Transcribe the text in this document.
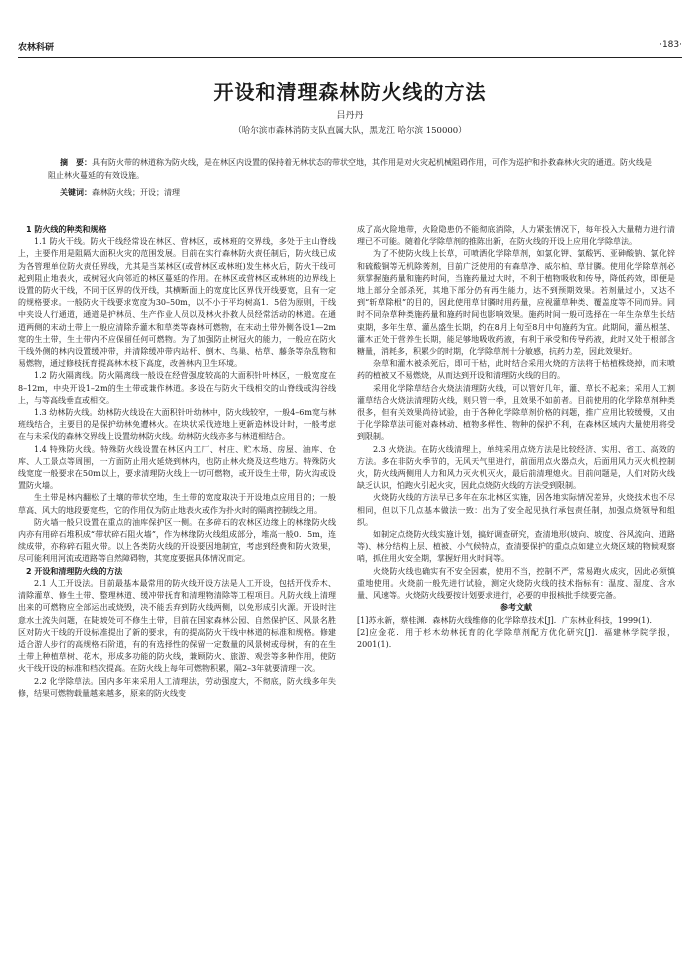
农林科研	·183·
开设和清理森林防火线的方法
吕丹丹
（哈尔滨市森林消防支队直属大队，黑龙江 哈尔滨 150000）
摘　要：具有防火带的林道称为防火线，是在林区内设置的保持着无林状态的带状空地，其作用是对火灾起机械阻碍作用，可作为巡护和扑救森林火灾的通道。防火线是阻止林火蔓延的有效设施。
关键词：森林防火线；开设；清理
1 防火线的种类和规格

1.1 防火干线。防火干线经常设在林区、营林区，或林班的交界线，多处于主山脊线上，主要作用是阻隔大面积火灾的范围发展。目前在实行森林防火责任制后，防火线已成为各管理单位防火责任界线，尤其是当某林区(或营林区或林班)发生林火后，防火干线可起到阻止地表火，或树冠火向邻近的林区蔓延的作用。在林区或营林区或林班的边界线上设置的防火干线，不同于区界的伐开线，其横断面上的宽度比区界伐开线要宽，且有一定的规格要求。一般防火干线要求宽度为30–50m，以不小于平均树高1．5倍为原则，干线中夹设人行通道，通道是护林员、生产作业人员以及林火扑救人员经常活动的林道。在通道两侧的末动土带上一般应清除乔灌木和草类等森林可燃物，在末动土带外侧各设1—2m宽的生土带，生土带内不应保留任何可燃物。为了加强防止树冠火的能力，一般应在防火干线外侧的林内设置缓冲带，并清除缓冲带内站杆、倒木、鸟巢、枯草、藤条等杂乱物和易燃物，通过修枝抚育提高林木枝下高度，改善林内卫生环境。

1.2 防火隔离线。防火隔离线一般设在经营强度较高的大面积针叶林区，一般宽度在8–12m，中央开设1–2m的生土带或兼作林道。多设在与防火干线相交的山脊线或沟谷线上，与等高线垂直或相交。

1.3 幼林防火线。幼林防火线设在大面积针叶幼林中，防火线较窄，一般4–6m宽与林班线结合，主要目的是保护幼林免遭林火。在块状采伐迹地上更新造林设计时，一般考虑在与未采伐的森林交界线上设置幼林防火线。幼林防火线亦多与林道相结合。

1.4 特殊防火线。特殊防火线设置在林区内工厂、村庄、贮木场、房屋、油库、仓库、人工景点等周围，一方面防止用火延烧到林内，也防止林火烧及这些地方。特殊防火线宽度一般要求在50m以上，要求清理防火线上一切可燃物，或开设生土带，防火沟或设置防火墙。

生土带是林内翻松了土壤的带状空地，生土带的宽度取决于开设地点应用目的；一般草高、风大的地段要宽些，它的作用仅为防止地表火或作为扑火时的隔离控制线之用。

防火墙一般只设置在重点的油库保护区一侧。在多碎石的农林区边缘上的林缘防火线内亦有用碎石堆积成“带状碎石阻火墙”，作为林缘防火线组成部分，堆高一般0．5m，连续成带，亦称碎石阻火带。以上各类防火线的开设要因地制宜，考虑到经费和防火效果，尽可能利用河流或道路等自然障碍物，其宽度要据具体情况而定。

2 开设和清理防火线的方法

2.1 人工开设法。目前最基本最常用的防火线开设方法是人工开设，包括开伐乔木、清除灌草、修生土带、整理林道、缓冲带抚育和清理物清除等工程项目。凡防火线上清理出来的可燃物应全部运出或烧毁，决不能丢弃到防火线两侧，以免形成引火源。开设时注意水土流失问题，在陡坡处可不修生土带，目前在国家森林公园、自然保护区、风景名胜区对防火干线的开设标准提出了新的要求，有的提高防火干线中林道的标准和规格。修建适合游人步行的高规格石阶道，有的有选择性的保留一定数量的风景树或母树，有的在生土带上种植草树、花木，形成多功能的防火线，兼顾防火、旅游、观尝等多种作用，使防火干线开设的标准和档次提高。在防火线上每年可燃物积累，隔2–3年就要清理一次。

2.2 化学除草法。国内多年来采用人工清理法，劳动强度大，不彻底，防火线多年失修，结果可燃物载量越来越多，原来的防火线变

成了高火险地带，火险隐患仍不能彻底消除，人力紧张情况下，每年投入大量精力进行清理已不可能。随着化学除草剂的推陈出新，在防火线的开设上应用化学除草法。

为了不使防火线上长草，可喷洒化学除草剂，如氯化钾、氯酸钙、亚砷酸钠、氯化锌和硫酸铜等无机除莠剂，目前广泛使用的有森草净、威尔柏、草甘膦。使用化学除草剂必须掌握施药量和施药时间，当施药量过大时，不利于植物吸收和传导，降低药效，即便是地上部分全部杀死，其地下部分仍有再生能力，达不到预期效果。若剂量过小，又达不到“斩草除根”的目的，因此使用草甘膦时用药量，应视灌草种类、覆盖度等不同而异。同时不同杂草种类施药量和施药时间也影响效果。施药时间一般可选择在一年生杂草生长结束期，多年生草、灌丛盛生长期，约在8月上旬至8月中旬施药为宜。此期间，灌丛根茎、灌木正处于营养生长期，能足够地吸收药液，有利于承受和传导药液，此时又处于根部含糖量，消耗多，积累少的时期，化学除草剂十分敏感，抗药力差，因此效果好。

杂草和灌木被杀死后，即可干枯，此时结合采用火烧的方法将于枯植株烧掉，而末喷药的植被又不易燃烧，从而达到开设和清理防火线的目的。

采用化学除草结合火烧法清理防火线，可以管好几年，灌、草长不起来；采用人工割灌草结合火烧法清理防火线，则只管一季，且效果不如前者。目前使用的化学除草剂种类很多，但有关效果尚待试验，由于各种化学除草剂价格的问题，推广应用比较缓慢，又由于化学除草法可能对森林动、植物多样性、物种的保护不利，在森林区域内大量使用将受到限制。

2.3 火烧法。在防火线清理上，单纯采用点烧方法是比较经济、实用、省工、高效的方法。多在非防火季节的，无风天气里进行，前面用点火器点火，后面用风力灭火机控制火，防火线两侧用人力和风力灭火机灭火，最后前清理熄火。目前问题是，人们对防火线缺乏认识，怕跑火引起火灾，因此点烧防火线的方法受到限制。

火烧防火线的方法早已多年在东北林区实施，因各地实际情况差异，火烧技术也不尽相同，但以下几点基本做法一致：出为了安全起见执行承包责任制，加强点烧领导和组织。

如制定点烧防火线实施计划，搞好调查研究，查清地形(坡向、坡度、谷风流向、道路等)、林分结构上层、植被、小气候特点，查清要保护的重点点如建立火烧区域的物候观察哨，抓住用火安全期，掌握好用火时间等。

火烧防火线也确实有不安全因素，使用不当，控制不严，常易跑火成灾，因此必须慎重地使用。火烧前一般先进行试验，测定火烧防火线的技术指标有：温度、湿度、含水量、风速等。火烧防火线要按计划要求进行，必要的申报核批手续要完备。

参考文献

[1]苏永新，蔡桂渊．森林防火线维修的化学除草技术[J]．广东林业科技，1999(1)．

[2]应金花．用于杉木幼林抚育的化学除草剂配方优化研究[J]．福建林学院学报，2001(1)．
